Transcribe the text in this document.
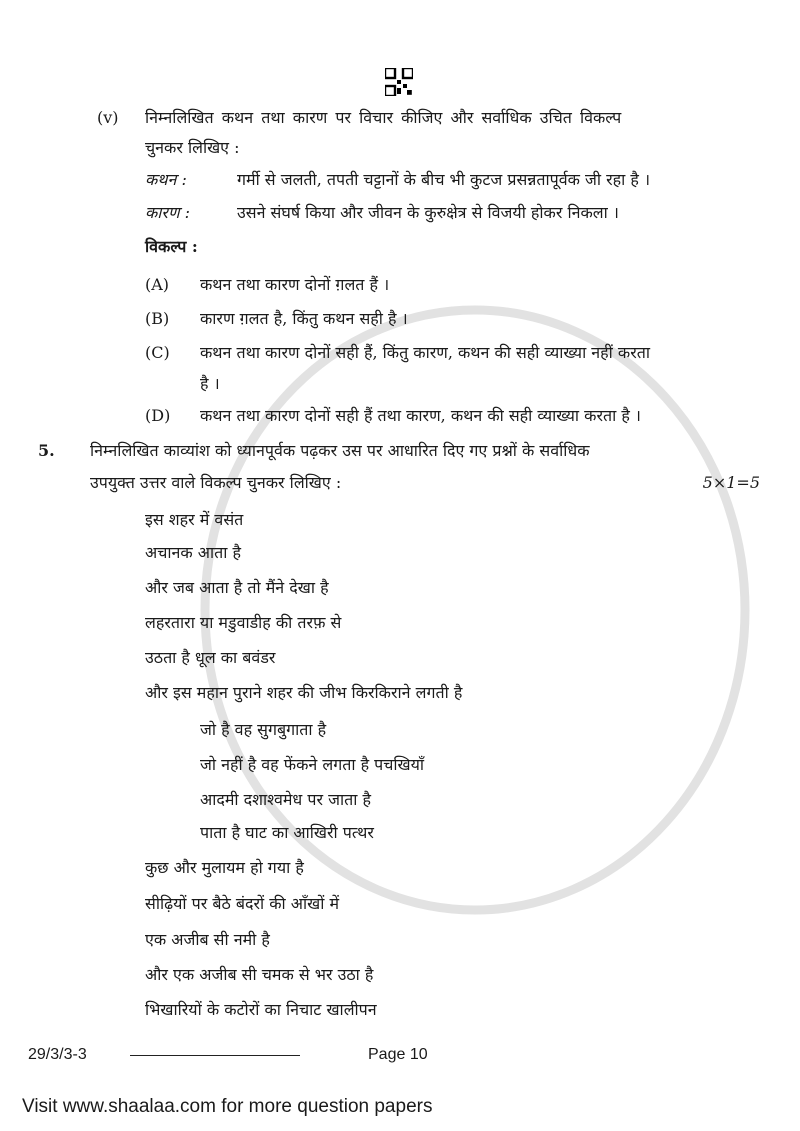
(v) निम्नलिखित कथन तथा कारण पर विचार कीजिए और सर्वाधिक उचित विकल्प
चुनकर लिखिए :
कथन :	गर्मी से जलती, तपती चट्टानों के बीच भी कुटज प्रसन्नतापूर्वक जी रहा है ।
कारण :	उसने संघर्ष किया और जीवन के कुरुक्षेत्र से विजयी होकर निकला ।
विकल्प :
(A) कथन तथा कारण दोनों ग़लत हैं ।
(B) कारण ग़लत है, किंतु कथन सही है ।
(C) कथन तथा कारण दोनों सही हैं, किंतु कारण, कथन की सही व्याख्या नहीं करता
है ।
(D) कथन तथा कारण दोनों सही हैं तथा कारण, कथन की सही व्याख्या करता है ।
5. निम्नलिखित काव्यांश को ध्यानपूर्वक पढ़कर उस पर आधारित दिए गए प्रश्नों के सर्वाधिक
उपयुक्त उत्तर वाले विकल्प चुनकर लिखिए :	5×1=5
इस शहर में वसंत
अचानक आता है
और जब आता है तो मैंने देखा है
लहरतारा या मडुवाडीह की तरफ़ से
उठता है धूल का बवंडर
और इस महान पुराने शहर की जीभ किरकिराने लगती है
जो है वह सुगबुगाता है
जो नहीं है वह फेंकने लगता है पचखियाँ
आदमी दशाश्वमेध पर जाता है
पाता है घाट का आखिरी पत्थर
कुछ और मुलायम हो गया है
सीढ़ियों पर बैठे बंदरों की आँखों में
एक अजीब सी नमी है
और एक अजीब सी चमक से भर उठा है
भिखारियों के कटोरों का निचाट खालीपन
29/3/3-3	Page 10
Visit www.shaalaa.com for more question papers
